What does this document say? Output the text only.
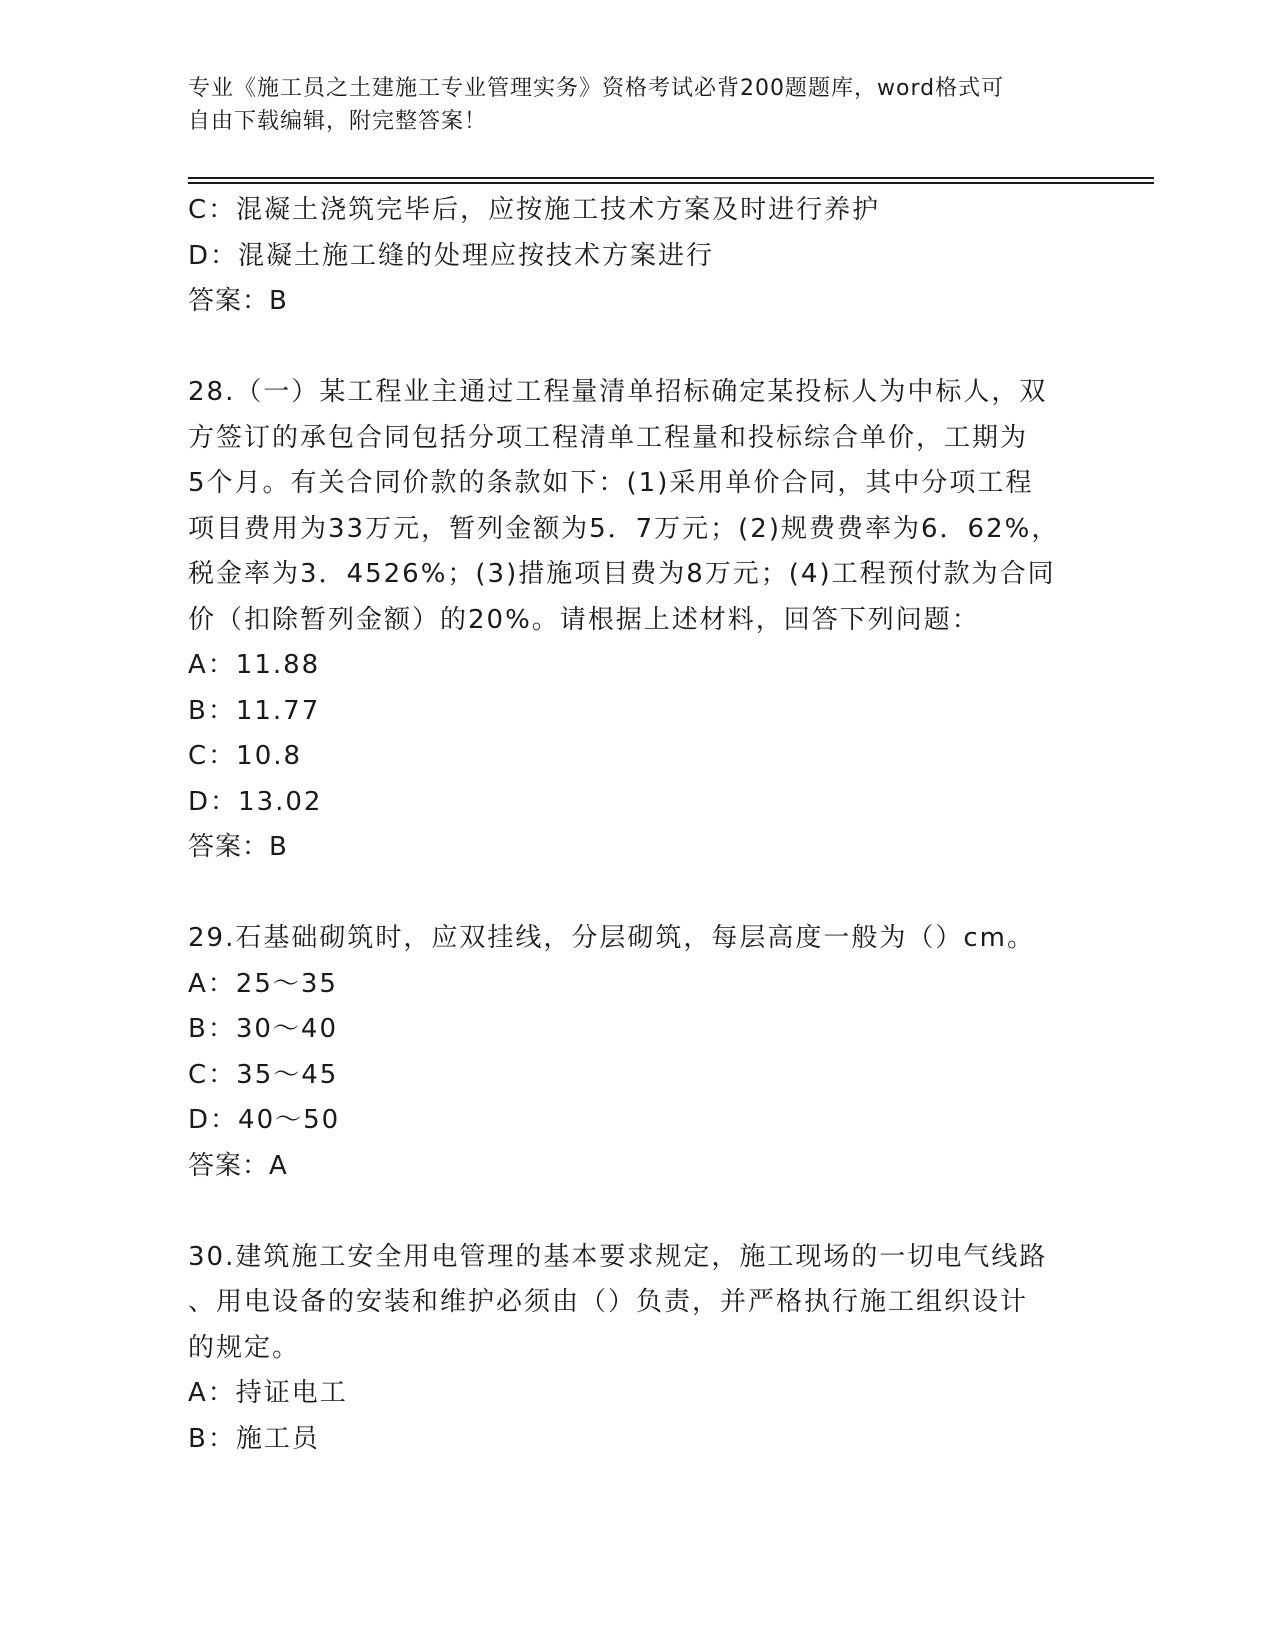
专业《施工员之土建施工专业管理实务》资格考试必背200题题库，word格式可
自由下载编辑，附完整答案！
C：混凝土浇筑完毕后，应按施工技术方案及时进行养护
D：混凝土施工缝的处理应按技术方案进行
答案：B
28.（一）某工程业主通过工程量清单招标确定某投标人为中标人，双
方签订的承包合同包括分项工程清单工程量和投标综合单价，工期为
5个月。有关合同价款的条款如下：(1)采用单价合同，其中分项工程
项目费用为33万元，暂列金额为5．7万元；(2)规费费率为6．62%，
税金率为3．4526%；(3)措施项目费为8万元；(4)工程预付款为合同
价（扣除暂列金额）的20%。请根据上述材料，回答下列问题：
A：11.88
B：11.77
C：10.8
D：13.02
答案：B
29.石基础砌筑时，应双挂线，分层砌筑，每层高度一般为（）cm。
A：25～35
B：30～40
C：35～45
D：40～50
答案：A
30.建筑施工安全用电管理的基本要求规定，施工现场的一切电气线路
、用电设备的安装和维护必须由（）负责，并严格执行施工组织设计
的规定。
A：持证电工
B：施工员
